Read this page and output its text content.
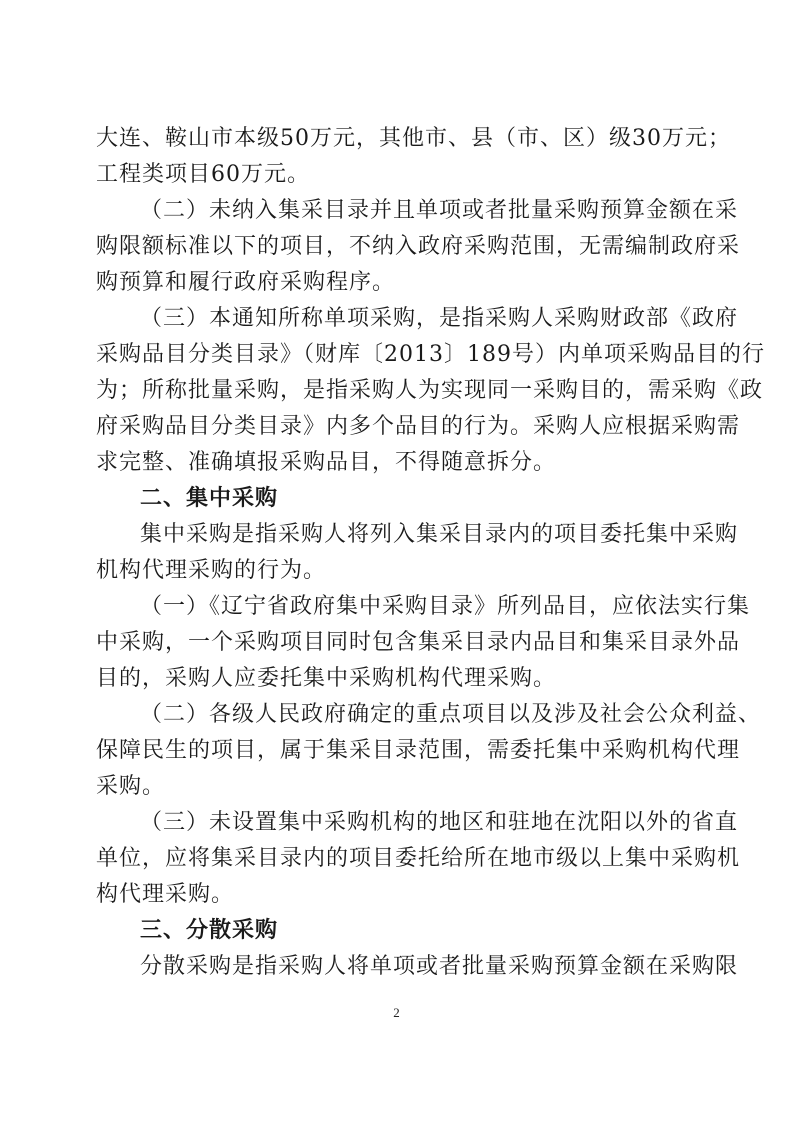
大连、鞍山市本级50万元，其他市、县（市、区）级30万元；
工程类项目60万元。
（二）未纳入集采目录并且单项或者批量采购预算金额在采
购限额标准以下的项目，不纳入政府采购范围，无需编制政府采
购预算和履行政府采购程序。
（三）本通知所称单项采购，是指采购人采购财政部《政府
采购品目分类目录》（财库〔2013〕189号）内单项采购品目的行
为；所称批量采购，是指采购人为实现同一采购目的，需采购《政
府采购品目分类目录》内多个品目的行为。采购人应根据采购需
求完整、准确填报采购品目，不得随意拆分。
二、集中采购
集中采购是指采购人将列入集采目录内的项目委托集中采购
机构代理采购的行为。
（一）《辽宁省政府集中采购目录》所列品目，应依法实行集
中采购，一个采购项目同时包含集采目录内品目和集采目录外品
目的，采购人应委托集中采购机构代理采购。
（二）各级人民政府确定的重点项目以及涉及社会公众利益、
保障民生的项目，属于集采目录范围，需委托集中采购机构代理
采购。
（三）未设置集中采购机构的地区和驻地在沈阳以外的省直
单位，应将集采目录内的项目委托给所在地市级以上集中采购机
构代理采购。
三、分散采购
分散采购是指采购人将单项或者批量采购预算金额在采购限
2
